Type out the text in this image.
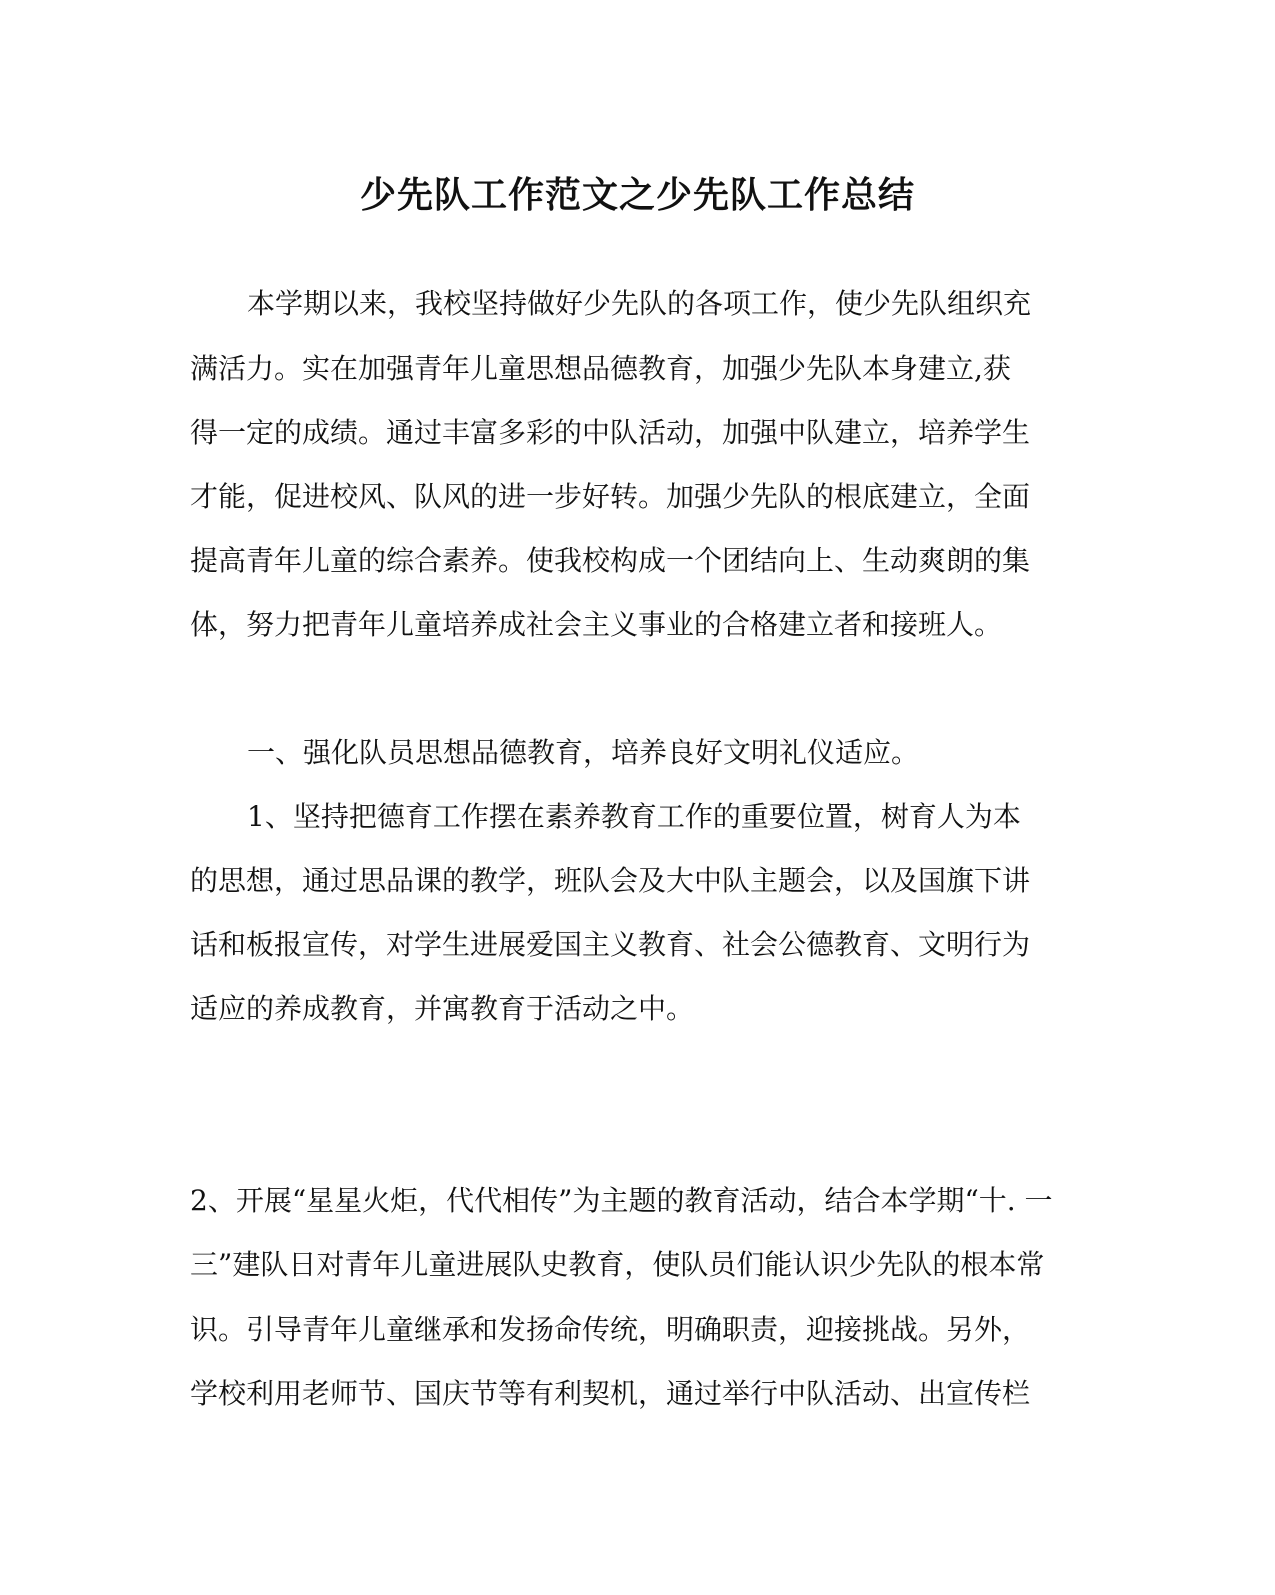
少先队工作范文之少先队工作总结

本学期以来，我校坚持做好少先队的各项工作，使少先队组织充

满活力。实在加强青年儿童思想品德教育，加强少先队本身建立,获

得一定的成绩。通过丰富多彩的中队活动，加强中队建立，培养学生

才能，促进校风、队风的进一步好转。加强少先队的根底建立，全面

提高青年儿童的综合素养。使我校构成一个团结向上、生动爽朗的集

体，努力把青年儿童培养成社会主义事业的合格建立者和接班人。

一、强化队员思想品德教育，培养良好文明礼仪适应。

1、坚持把德育工作摆在素养教育工作的重要位置，树育人为本

的思想，通过思品课的教学，班队会及大中队主题会，以及国旗下讲

话和板报宣传，对学生进展爱国主义教育、社会公德教育、文明行为

适应的养成教育，并寓教育于活动之中。

2、开展“星星火炬，代代相传”为主题的教育活动，结合本学期“十. 一

三”建队日对青年儿童进展队史教育，使队员们能认识少先队的根本常

识。引导青年儿童继承和发扬命传统，明确职责，迎接挑战。另外，

学校利用老师节、国庆节等有利契机，通过举行中队活动、出宣传栏
